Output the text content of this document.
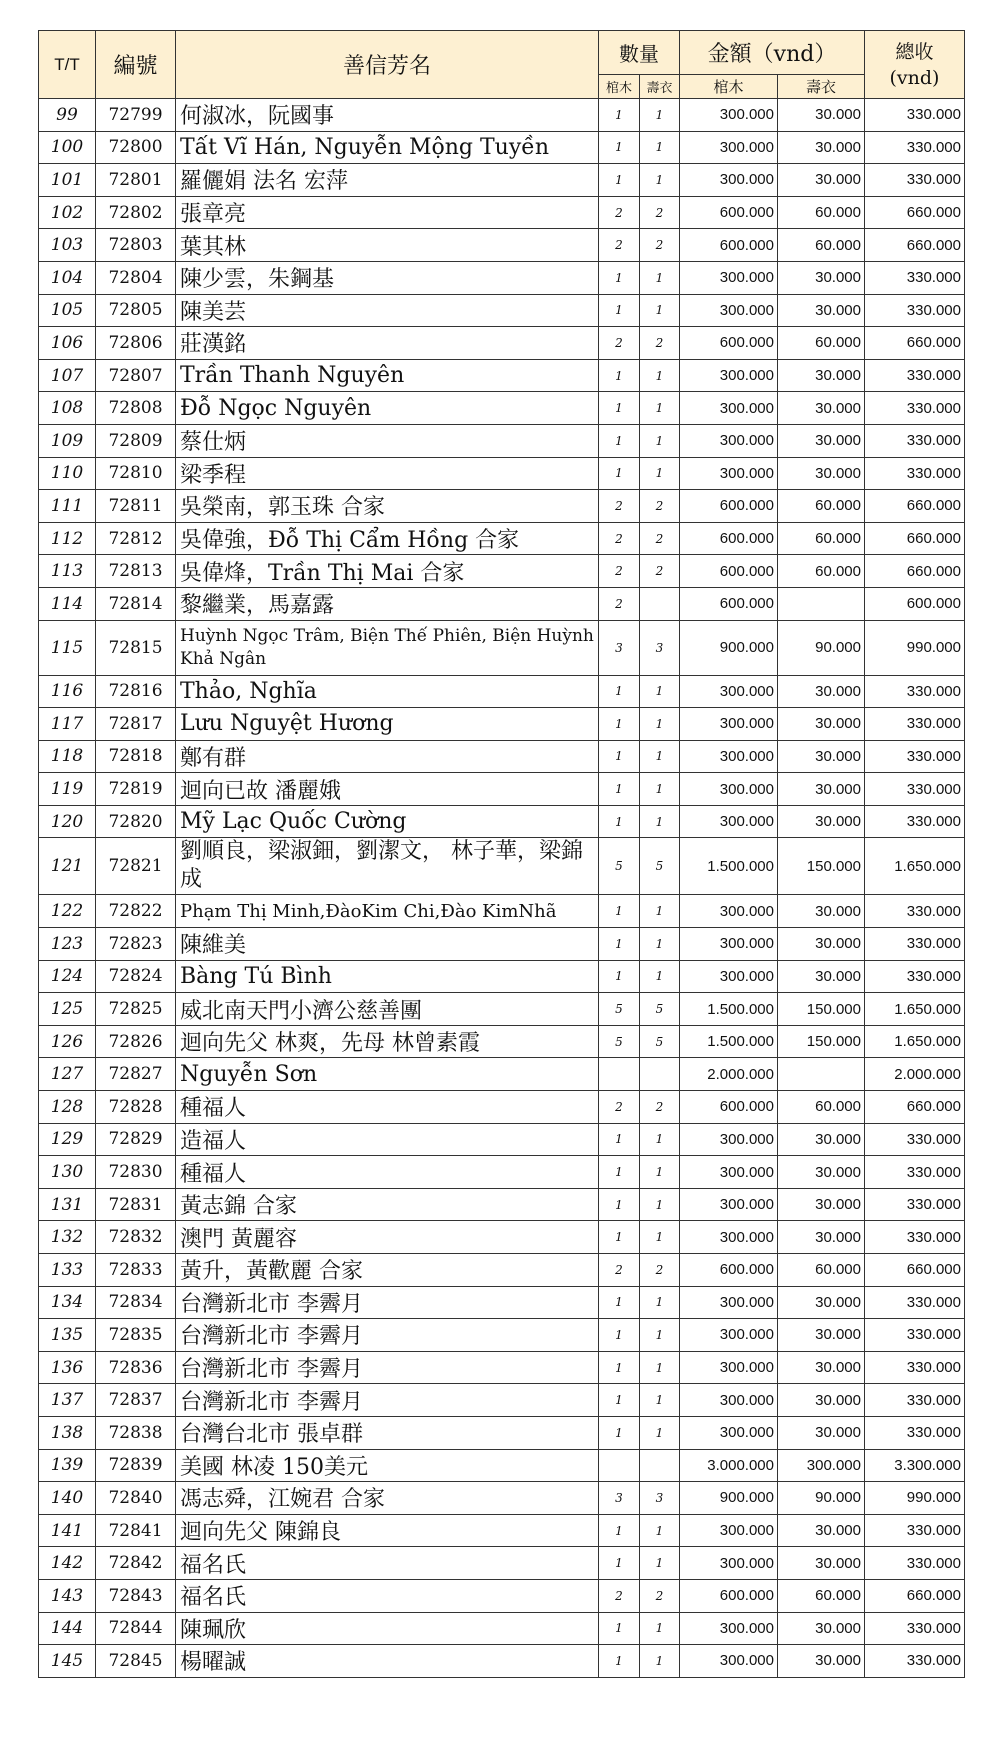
T/T	編號	善信芳名	數量		金額（vnd）		總收
(vnd)

			棺木	壽衣	棺木	壽衣	
99	72799	何淑冰，阮國事	1	1	300.000	30.000	330.000
100	72800	Tất Vĩ Hán, Nguyễn Mộng Tuyền	1	1	300.000	30.000	330.000
101	72801	羅儷娟 法名 宏萍	1	1	300.000	30.000	330.000
102	72802	張章亮	2	2	600.000	60.000	660.000
103	72803	葉其林	2	2	600.000	60.000	660.000
104	72804	陳少雲，朱鋼基	1	1	300.000	30.000	330.000
105	72805	陳美芸	1	1	300.000	30.000	330.000
106	72806	莊漢銘	2	2	600.000	60.000	660.000
107	72807	Trần Thanh Nguyên	1	1	300.000	30.000	330.000
108	72808	Đỗ Ngọc Nguyên	1	1	300.000	30.000	330.000
109	72809	蔡仕炳	1	1	300.000	30.000	330.000
110	72810	梁季程	1	1	300.000	30.000	330.000
111	72811	吳榮南，郭玉珠 合家	2	2	600.000	60.000	660.000
112	72812	吳偉強，Đỗ Thị Cẩm Hồng 合家	2	2	600.000	60.000	660.000
113	72813	吳偉烽，Trần Thị Mai 合家	2	2	600.000	60.000	660.000
114	72814	黎繼業，馬嘉露	2		600.000		600.000
115	72815	Huỳnh Ngọc Trâm, Biện Thế Phiên, Biện Huỳnh Khả Ngân	3	3	900.000	90.000	990.000
116	72816	Thảo, Nghĩa	1	1	300.000	30.000	330.000
117	72817	Lưu Nguyệt Hương	1	1	300.000	30.000	330.000
118	72818	鄭有群	1	1	300.000	30.000	330.000
119	72819	迴向已故 潘麗娥	1	1	300.000	30.000	330.000
120	72820	Mỹ Lạc Quốc Cường	1	1	300.000	30.000	330.000
121	72821	劉順良，梁淑鈿，劉潔文， 林子華，梁錦成	5	5	1.500.000	150.000	1.650.000
122	72822	Phạm Thị Minh,ĐàoKim Chi,Đào KimNhã	1	1	300.000	30.000	330.000
123	72823	陳維美	1	1	300.000	30.000	330.000
124	72824	Bàng Tú Bình	1	1	300.000	30.000	330.000
125	72825	威北南天門小濟公慈善團	5	5	1.500.000	150.000	1.650.000
126	72826	迴向先父 林爽，先母 林曾素霞	5	5	1.500.000	150.000	1.650.000
127	72827	Nguyễn Sơn			2.000.000		2.000.000
128	72828	種福人	2	2	600.000	60.000	660.000
129	72829	造福人	1	1	300.000	30.000	330.000
130	72830	種福人	1	1	300.000	30.000	330.000
131	72831	黃志錦 合家	1	1	300.000	30.000	330.000
132	72832	澳門 黃麗容	1	1	300.000	30.000	330.000
133	72833	黃升，黃歡麗 合家	2	2	600.000	60.000	660.000
134	72834	台灣新北市 李霽月	1	1	300.000	30.000	330.000
135	72835	台灣新北市 李霽月	1	1	300.000	30.000	330.000
136	72836	台灣新北市 李霽月	1	1	300.000	30.000	330.000
137	72837	台灣新北市 李霽月	1	1	300.000	30.000	330.000
138	72838	台灣台北市 張卓群	1	1	300.000	30.000	330.000
139	72839	美國 林凌 150美元			3.000.000	300.000	3.300.000
140	72840	馮志舜，江婉君 合家	3	3	900.000	90.000	990.000
141	72841	迴向先父 陳錦良	1	1	300.000	30.000	330.000
142	72842	福名氏	1	1	300.000	30.000	330.000
143	72843	福名氏	2	2	600.000	60.000	660.000
144	72844	陳珮欣	1	1	300.000	30.000	330.000
145	72845	楊曜誠	1	1	300.000	30.000	330.000
